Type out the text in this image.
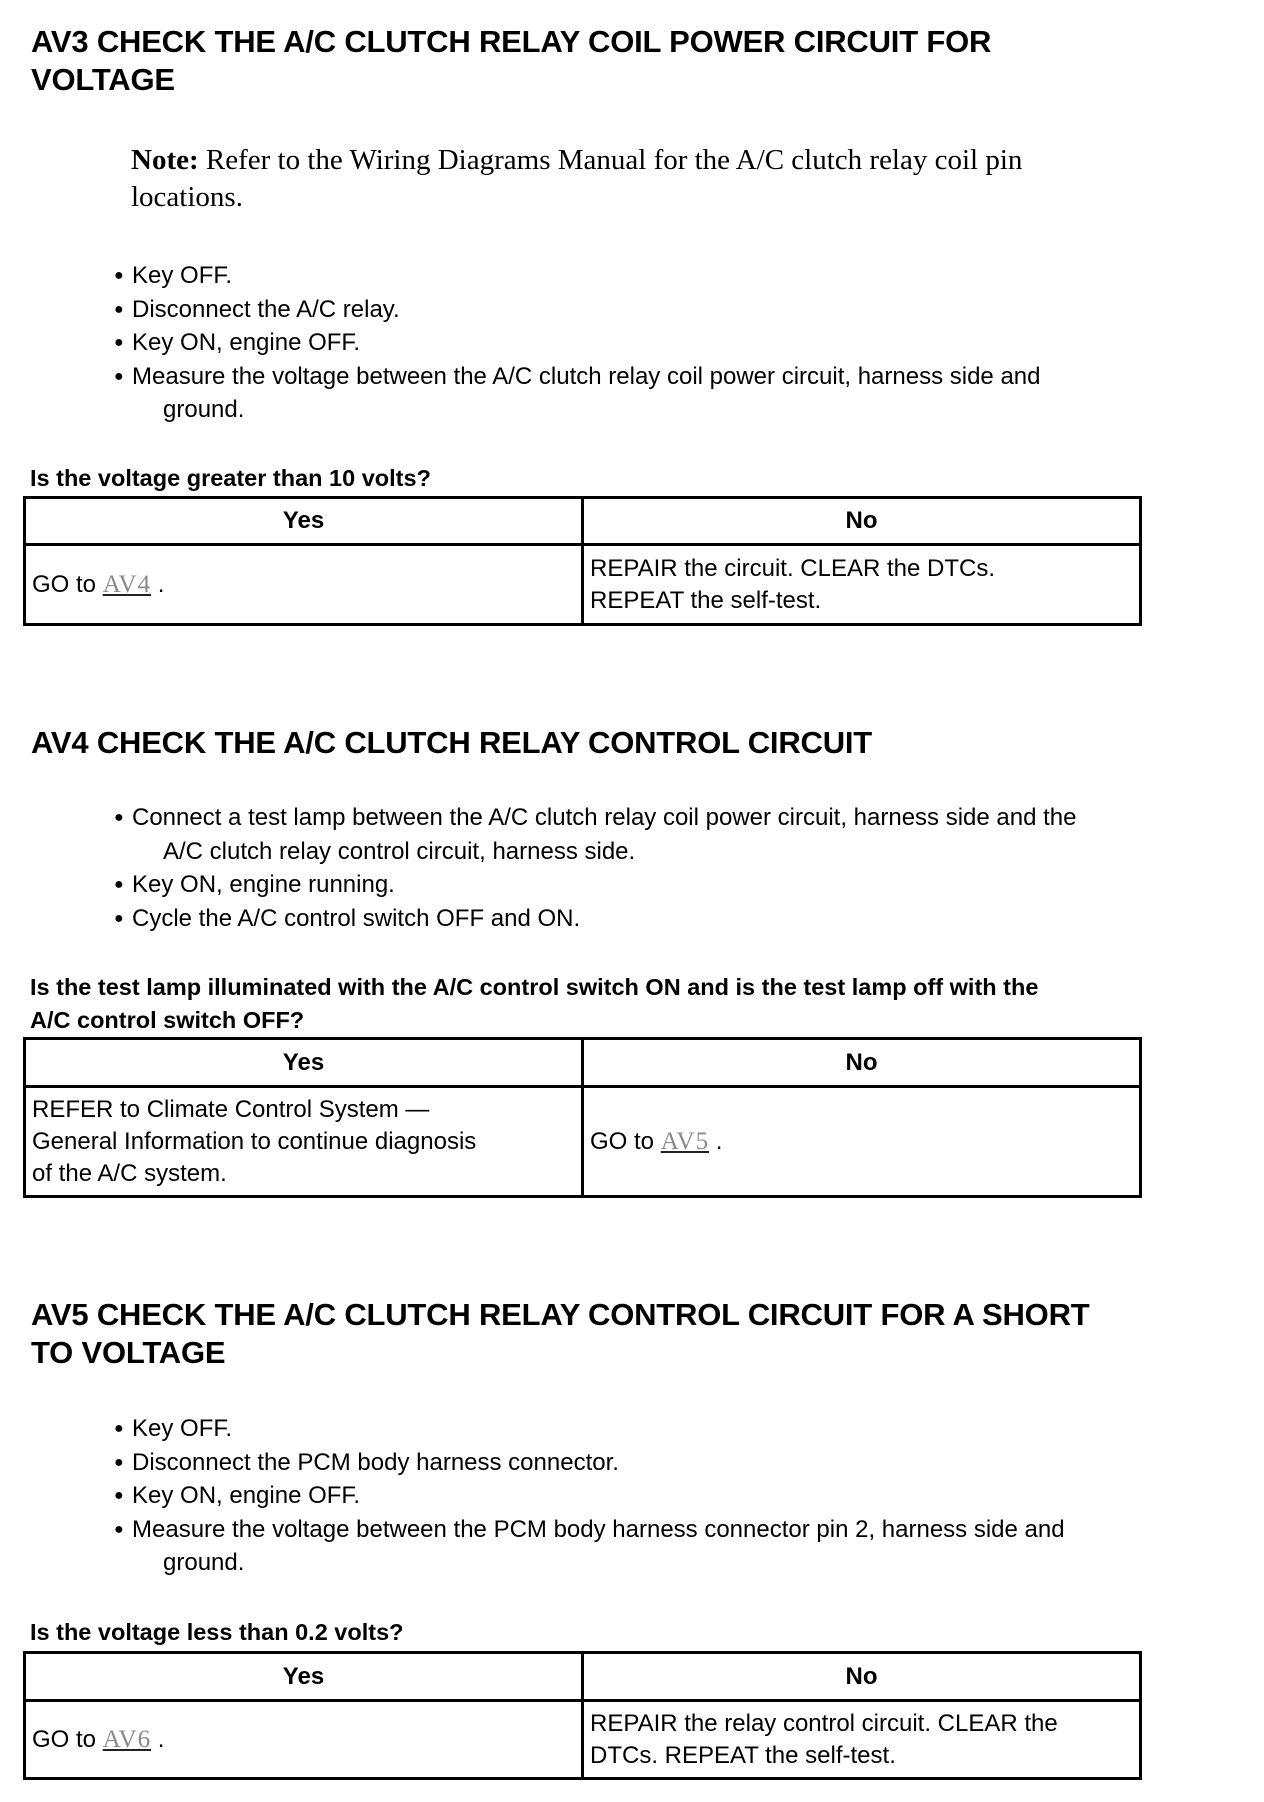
AV3 CHECK THE A/C CLUTCH RELAY COIL POWER CIRCUIT FOR
VOLTAGE
Note: Refer to the Wiring Diagrams Manual for the A/C clutch relay coil pin
locations.
● Key OFF.
● Disconnect the A/C relay.
● Key ON, engine OFF.
● Measure the voltage between the A/C clutch relay coil power circuit, harness side and
ground.
Is the voltage greater than 10 volts?
Yes	No
GO to AV4 .	REPAIR the circuit. CLEAR the DTCs.
REPEAT the self-test.
AV4 CHECK THE A/C CLUTCH RELAY CONTROL CIRCUIT
● Connect a test lamp between the A/C clutch relay coil power circuit, harness side and the
A/C clutch relay control circuit, harness side.
● Key ON, engine running.
● Cycle the A/C control switch OFF and ON.
Is the test lamp illuminated with the A/C control switch ON and is the test lamp off with the
A/C control switch OFF?
Yes	No

REFER to Climate Control System —
General Information to continue diagnosis
of the A/C system.	GO to AV5 .
AV5 CHECK THE A/C CLUTCH RELAY CONTROL CIRCUIT FOR A SHORT
TO VOLTAGE
● Key OFF.
● Disconnect the PCM body harness connector.
● Key ON, engine OFF.
● Measure the voltage between the PCM body harness connector pin 2, harness side and
ground.
Is the voltage less than 0.2 volts?
Yes	No
GO to AV6 .	REPAIR the relay control circuit. CLEAR the
DTCs. REPEAT the self-test.
